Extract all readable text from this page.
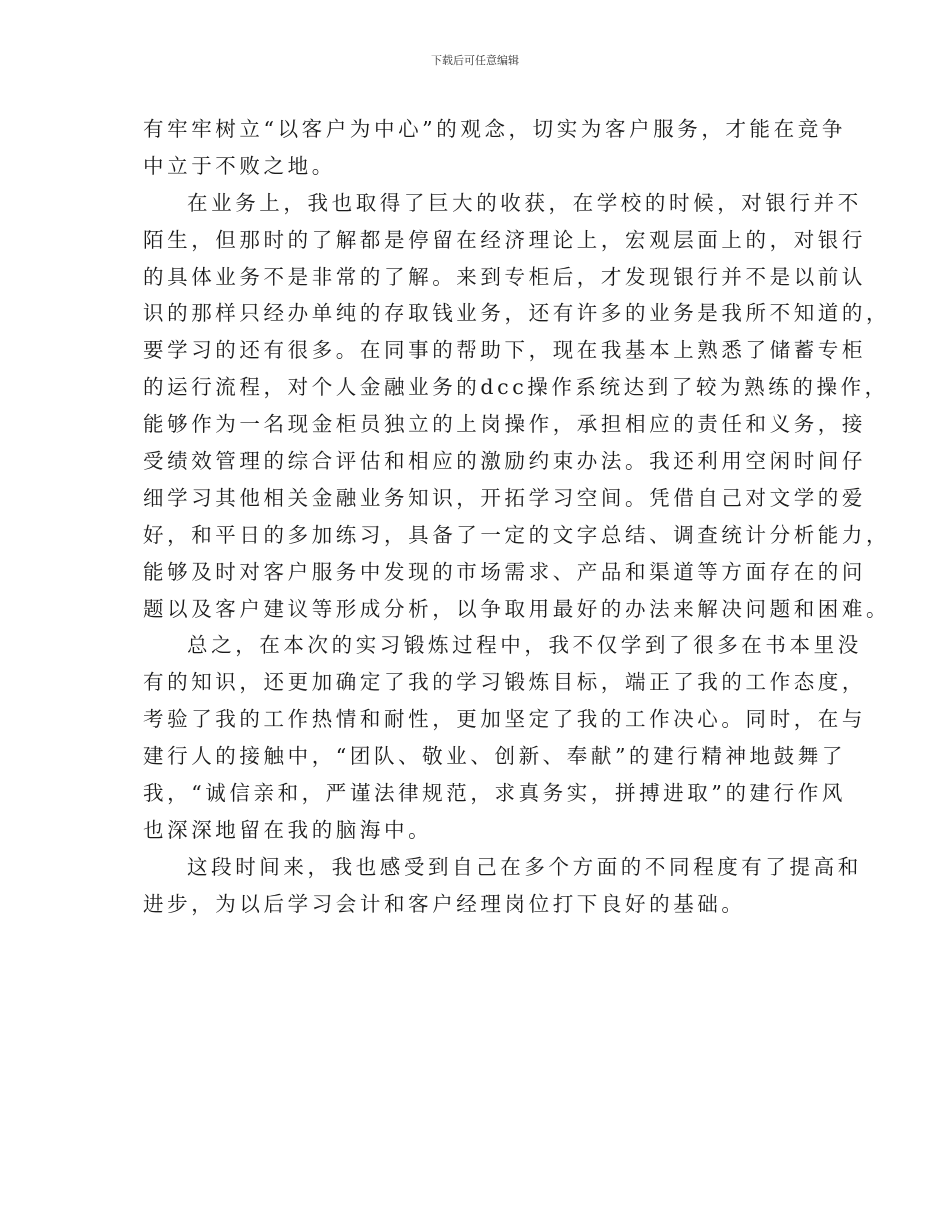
下载后可任意编辑
有牢牢树立“以客户为中心”的观念，切实为客户服务，才能在竞争
中立于不败之地。
在业务上，我也取得了巨大的收获，在学校的时候，对银行并不
陌生，但那时的了解都是停留在经济理论上，宏观层面上的，对银行
的具体业务不是非常的了解。来到专柜后，才发现银行并不是以前认
识的那样只经办单纯的存取钱业务，还有许多的业务是我所不知道的，
要学习的还有很多。在同事的帮助下，现在我基本上熟悉了储蓄专柜
的运行流程，对个人金融业务的dcc操作系统达到了较为熟练的操作，
能够作为一名现金柜员独立的上岗操作，承担相应的责任和义务，接
受绩效管理的综合评估和相应的激励约束办法。我还利用空闲时间仔
细学习其他相关金融业务知识，开拓学习空间。凭借自己对文学的爱
好，和平日的多加练习，具备了一定的文字总结、调查统计分析能力，
能够及时对客户服务中发现的市场需求、产品和渠道等方面存在的问
题以及客户建议等形成分析，以争取用最好的办法来解决问题和困难。
总之，在本次的实习锻炼过程中，我不仅学到了很多在书本里没
有的知识，还更加确定了我的学习锻炼目标，端正了我的工作态度，
考验了我的工作热情和耐性，更加坚定了我的工作决心。同时，在与
建行人的接触中，“团队、敬业、创新、奉献”的建行精神地鼓舞了
我，“诚信亲和，严谨法律规范，求真务实，拼搏进取”的建行作风
也深深地留在我的脑海中。
这段时间来，我也感受到自己在多个方面的不同程度有了提高和
进步，为以后学习会计和客户经理岗位打下良好的基础。
